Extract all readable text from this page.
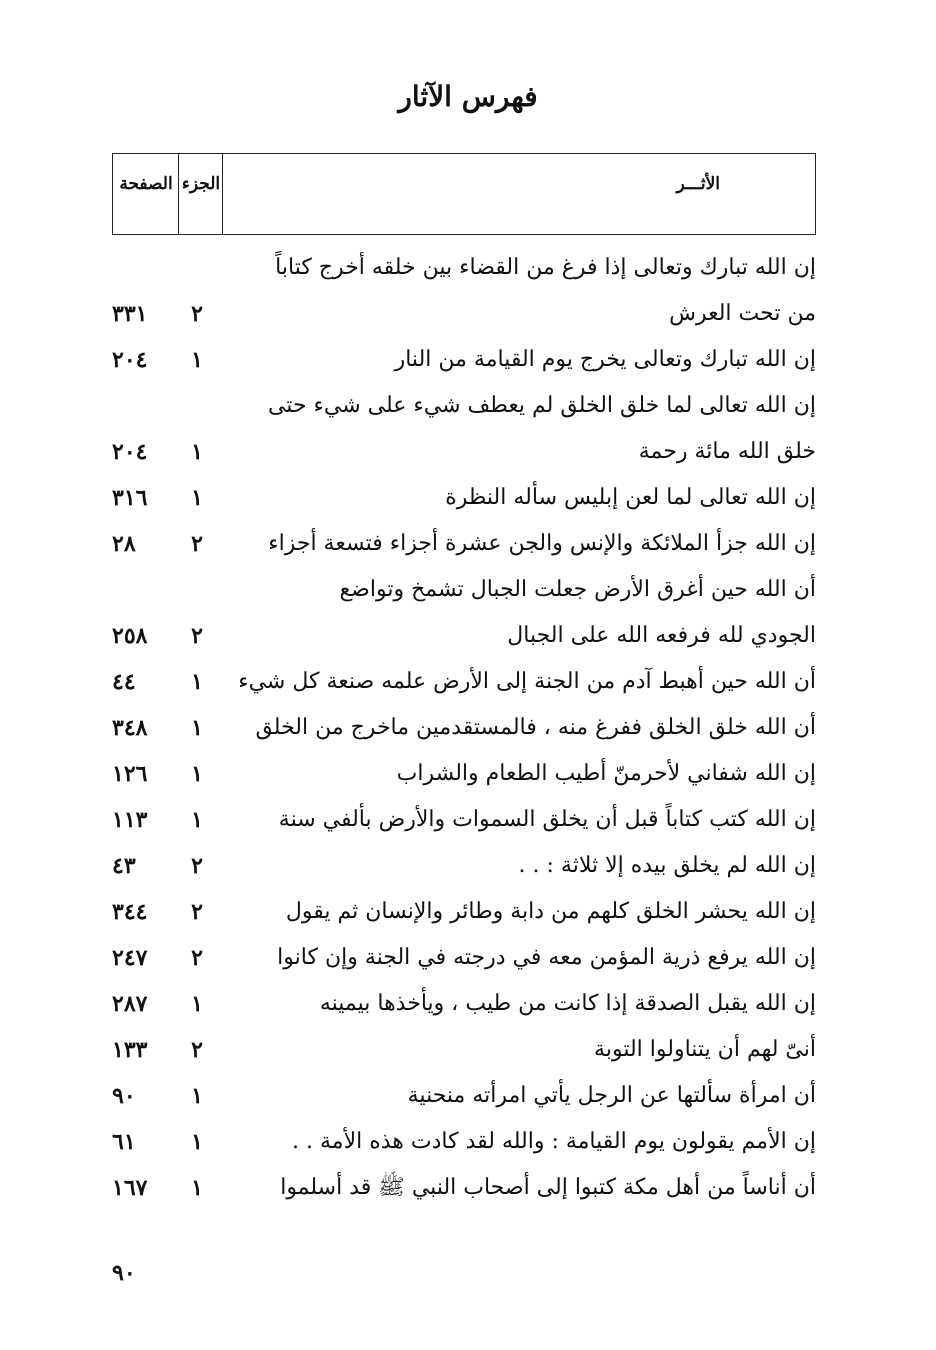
فهرس الآثار
الصفحة الجزء	الأثـــر
إن الله تبارك وتعالى إذا فرغ من القضاء بين خلقه أخرج كتاباً
من تحت العرش
٢
٣٣١
إن الله تبارك وتعالى يخرج يوم القيامة من النار
١
٢٠٤
إن الله تعالى لما خلق الخلق لم يعطف شيء على شيء حتى
خلق الله مائة رحمة
١
٢٠٤
إن الله تعالى لما لعن إبليس سأله النظرة
١
٣١٦
إن الله جزأ الملائكة والإنس والجن عشرة أجزاء فتسعة أجزاء
٢
٢٨
أن الله حين أغرق الأرض جعلت الجبال تشمخ وتواضع
الجودي لله فرفعه الله على الجبال
٢
٢٥٨
أن الله حين أهبط آدم من الجنة إلى الأرض علمه صنعة كل شيء
١
٤٤
أن الله خلق الخلق ففرغ منه ، فالمستقدمين ماخرج من الخلق
١
٣٤٨
إن الله شفاني لأحرمنّ أطيب الطعام والشراب
١
١٢٦
إن الله كتب كتاباً قبل أن يخلق السموات والأرض بألفي سنة
١
١١٣
إن الله لم يخلق بيده إلا ثلاثة : . .
٢
٤٣
إن الله يحشر الخلق كلهم من دابة وطائر والإنسان ثم يقول
٢
٣٤٤
إن الله يرفع ذرية المؤمن معه في درجته في الجنة وإن كانوا
٢
٢٤٧
إن الله يقبل الصدقة إذا كانت من طيب ، ويأخذها بيمينه
١
٢٨٧
أنىّ لهم أن يتناولوا التوبة
٢
١٣٣
أن امرأة سألتها عن الرجل يأتي امرأته منحنية
١
٩٠
إن الأمم يقولون يوم القيامة : والله لقد كادت هذه الأمة . .
١
٦١
أن أناساً من أهل مكة كتبوا إلى أصحاب النبي ﷺ قد أسلموا
١
١٦٧
٩٠
